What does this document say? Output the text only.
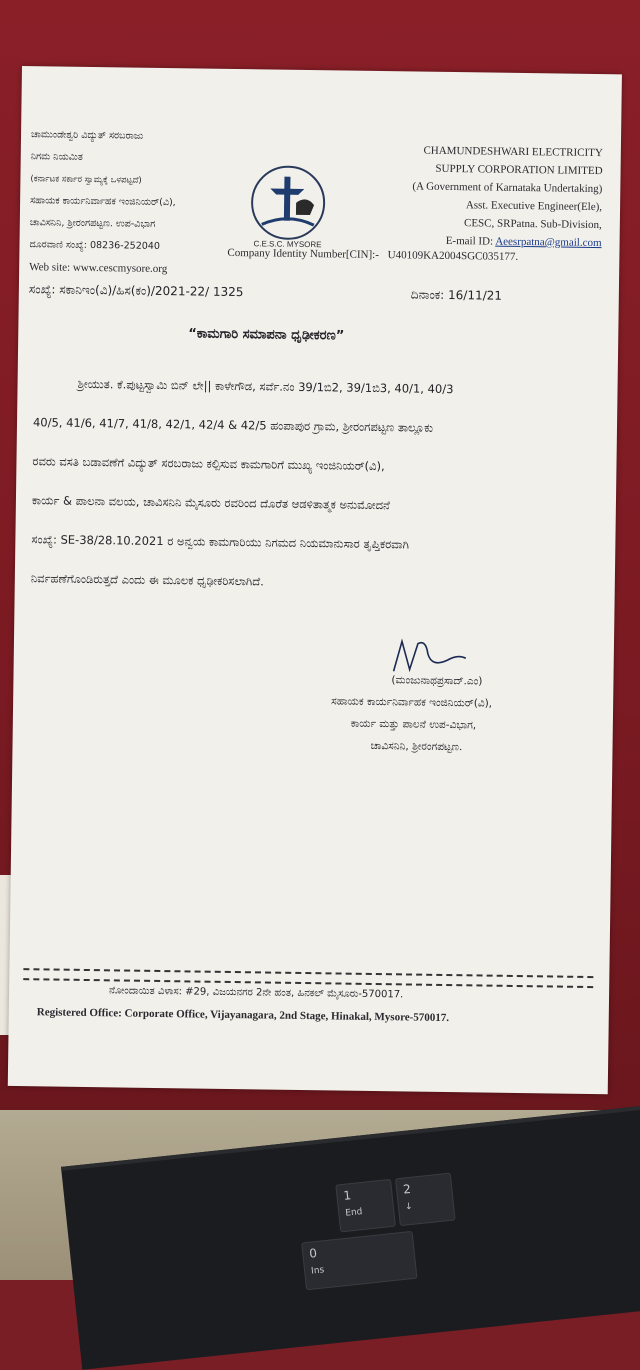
1
End
2
↓
0
Ins
ಚಾಮುಂಡೇಶ್ವರಿ ವಿದ್ಯುತ್ ಸರಬರಾಜು
ನಿಗಮ ನಿಯಮಿತ
(ಕರ್ನಾಟಕ ಸರ್ಕಾರ ಸ್ವಾಮ್ಯಕ್ಕೆ ಒಳಪಟ್ಟದೆ)
ಸಹಾಯಕ ಕಾರ್ಯನಿರ್ವಾಹಕ ಇಂಜಿನಿಯರ್(ವಿ),
ಚಾವಿಸನಿನಿ, ಶ್ರೀರಂಗಪಟ್ಟಣ. ಉಪ-ವಿಭಾಗ
ದೂರವಾಣಿ ಸಂಖ್ಯೆ: 08236-252040
Web site: www.cescmysore.org
C.E.S.C. MYSORE
CHAMUNDESHWARI ELECTRICITY
SUPPLY CORPORATION LIMITED
(A Government of Karnataka Undertaking)
Asst. Executive Engineer(Ele),
CESC, SRPatna. Sub-Division,
E-mail ID: Aeesrpatna@gmail.com
Company Identity Number[CIN]:- U40109KA2004SGC035177.
ಸಂಖ್ಯೆ: ಸಕಾನಿಇಂ(ವಿ)/ಹಿಸ(ಕಂ)/2021-22/ 1325	ದಿನಾಂಕ: 16/11/21
“ಕಾಮಗಾರಿ ಸಮಾಪನಾ ಧೃಢೀಕರಣ”
ಶ್ರೀಯುತ. ಕೆ.ಪುಟ್ಟಸ್ವಾಮಿ ಬಿನ್ ಲೇ|| ಕಾಳೇಗೌಡ, ಸರ್ವೆ.ನಂ 39/1ಬಿ2, 39/1ಬಿ3, 40/1, 40/3
40/5, 41/6, 41/7, 41/8, 42/1, 42/4 & 42/5 ಹಂಪಾಪುರ ಗ್ರಾಮ, ಶ್ರೀರಂಗಪಟ್ಟಣ ತಾಲ್ಲೂಕು
ರವರು ವಸತಿ ಬಡಾವಣೆಗೆ ವಿದ್ಯುತ್ ಸರಬರಾಜು ಕಲ್ಪಿಸುವ ಕಾಮಗಾರಿಗೆ ಮುಖ್ಯ ಇಂಜಿನಿಯರ್(ವಿ),
ಕಾರ್ಯ & ಪಾಲನಾ ವಲಯ, ಚಾವಿಸನಿನಿ ಮೈಸೂರು ರವರಿಂದ ದೊರೆತ ಆಡಳಿತಾತ್ಮಕ ಅನುಮೋದನೆ
ಸಂಖ್ಯೆ: SE-38/28.10.2021 ರ ಅನ್ವಯ ಕಾಮಗಾರಿಯು ನಿಗಮದ ನಿಯಮಾನುಸಾರ ತೃಪ್ತಿಕರವಾಗಿ
ನಿರ್ವಹಣೆಗೊಂಡಿರುತ್ತದೆ ಎಂದು ಈ ಮೂಲಕ ಧೃಢೀಕರಿಸಲಾಗಿದೆ.
(ಮಂಜುನಾಥಪ್ರಸಾದ್.ಎಂ)
ಸಹಾಯಕ ಕಾರ್ಯನಿರ್ವಾಹಕ ಇಂಜಿನಿಯರ್(ವಿ),
ಕಾರ್ಯ ಮತ್ತು ಪಾಲನೆ ಉಪ-ವಿಭಾಗ,
ಚಾವಿಸನಿನಿ, ಶ್ರೀರಂಗಪಟ್ಟಣ.
ನೋಂದಾಯಿತ ವಿಳಾಸ: #29, ವಿಜಯನಗರ 2ನೇ ಹಂತ, ಹಿನಕಲ್ ಮೈಸೂರು-570017.
Registered Office: Corporate Office, Vijayanagara, 2nd Stage, Hinakal, Mysore-570017.
